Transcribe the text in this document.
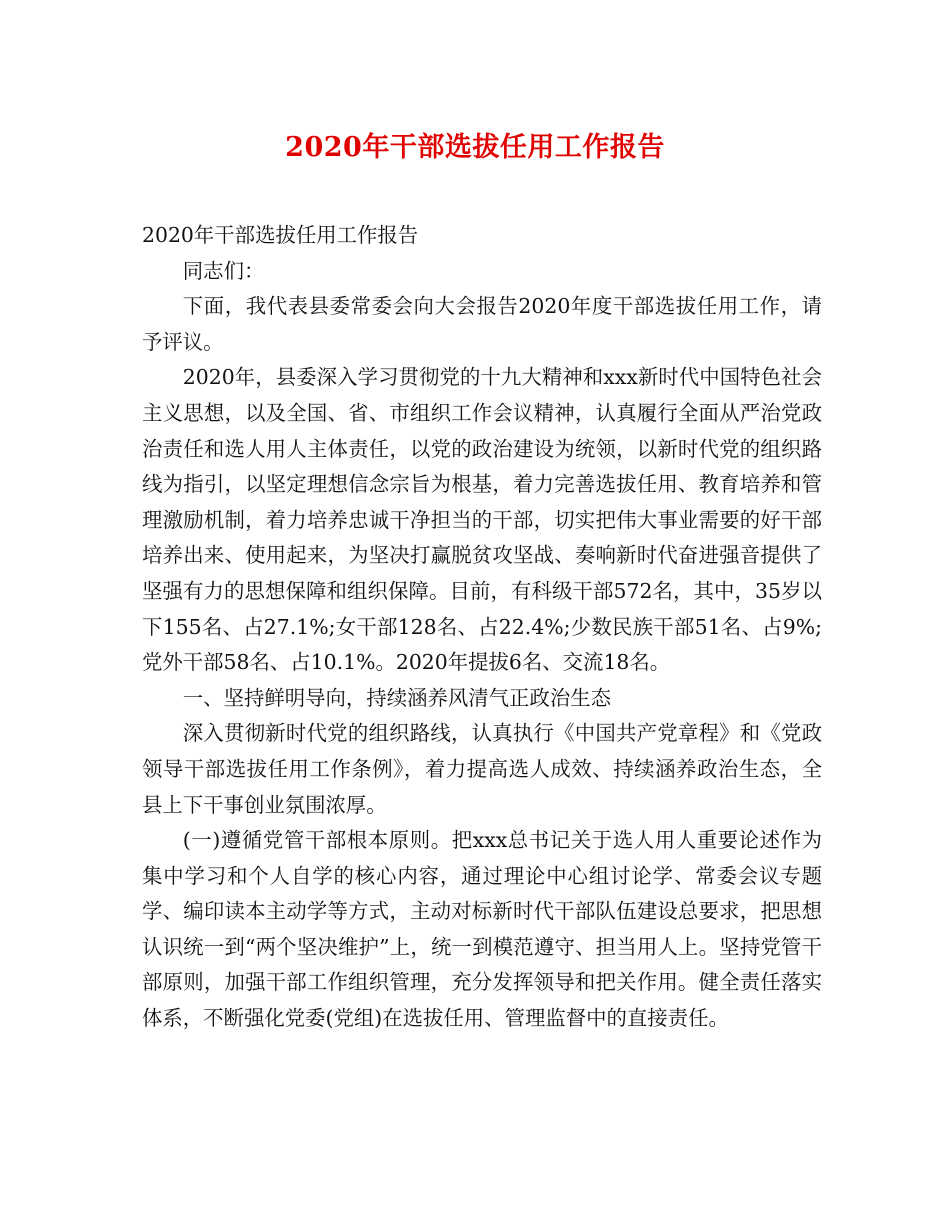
2020年干部选拔任用工作报告

2020年干部选拔任用工作报告

同志们：

下面，我代表县委常委会向大会报告2020年度干部选拔任用工作，请予评议。

2020年，县委深入学习贯彻党的十九大精神和xxx新时代中国特色社会主义思想，以及全国、省、市组织工作会议精神，认真履行全面从严治党政治责任和选人用人主体责任，以党的政治建设为统领，以新时代党的组织路线为指引，以坚定理想信念宗旨为根基，着力完善选拔任用、教育培养和管理激励机制，着力培养忠诚干净担当的干部，切实把伟大事业需要的好干部培养出来、使用起来，为坚决打赢脱贫攻坚战、奏响新时代奋进强音提供了坚强有力的思想保障和组织保障。目前，有科级干部572名，其中，35岁以下155名、占27.1%;女干部128名、占22.4%;少数民族干部51名、占9%;党外干部58名、占10.1%。2020年提拔6名、交流18名。

一、坚持鲜明导向，持续涵养风清气正政治生态

深入贯彻新时代党的组织路线，认真执行《中国共产党章程》和《党政领导干部选拔任用工作条例》，着力提高选人成效、持续涵养政治生态，全县上下干事创业氛围浓厚。

(一)遵循党管干部根本原则。把xxx总书记关于选人用人重要论述作为集中学习和个人自学的核心内容，通过理论中心组讨论学、常委会议专题学、编印读本主动学等方式，主动对标新时代干部队伍建设总要求，把思想认识统一到“两个坚决维护”上，统一到模范遵守、担当用人上。坚持党管干部原则，加强干部工作组织管理，充分发挥领导和把关作用。健全责任落实体系，不断强化党委(党组)在选拔任用、管理监督中的直接责任。
